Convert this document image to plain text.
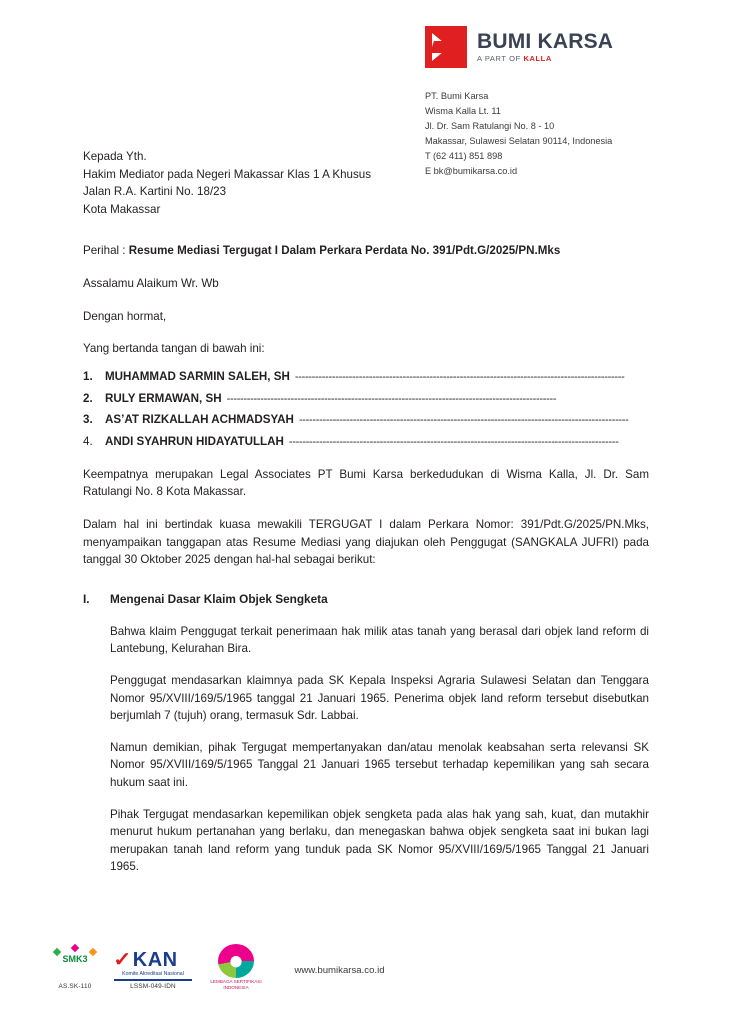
BUMI KARSA
A PART OF KALLA
PT. Bumi Karsa
Wisma Kalla Lt. 11
Jl. Dr. Sam Ratulangi No. 8 - 10
Makassar, Sulawesi Selatan 90114, Indonesia
T (62 411) 851 898
E bk@bumikarsa.co.id
Kepada Yth.
Hakim Mediator pada Negeri Makassar Klas 1 A Khusus
Jalan R.A. Kartini No. 18/23
Kota Makassar
Perihal : Resume Mediasi Tergugat I Dalam Perkara Perdata No. 391/Pdt.G/2025/PN.Mks
Assalamu Alaikum Wr. Wb
Dengan hormat,
Yang bertanda tangan di bawah ini:
1.	MUHAMMAD SARMIN SALEH, SH --------------------------------------------------------------------------------------------------
2.	RULY ERMAWAN, SH --------------------------------------------------------------------------------------------------
3.	AS’AT RIZKALLAH ACHMADSYAH --------------------------------------------------------------------------------------------------
4.	ANDI SYAHRUN HIDAYATULLAH --------------------------------------------------------------------------------------------------
Keempatnya merupakan Legal Associates PT Bumi Karsa berkedudukan di Wisma Kalla, Jl. Dr. Sam Ratulangi No. 8 Kota Makassar.
Dalam hal ini bertindak kuasa mewakili TERGUGAT I dalam Perkara Nomor: 391/Pdt.G/2025/PN.Mks, menyampaikan tanggapan atas Resume Mediasi yang diajukan oleh Penggugat (SANGKALA JUFRI) pada tanggal 30 Oktober 2025 dengan hal-hal sebagai berikut:
I.	Mengenai Dasar Klaim Objek Sengketa
Bahwa klaim Penggugat terkait penerimaan hak milik atas tanah yang berasal dari objek land reform di Lantebung, Kelurahan Bira.
Penggugat mendasarkan klaimnya pada SK Kepala Inspeksi Agraria Sulawesi Selatan dan Tenggara Nomor 95/XVIII/169/5/1965 tanggal 21 Januari 1965. Penerima objek land reform tersebut disebutkan berjumlah 7 (tujuh) orang, termasuk Sdr. Labbai.
Namun demikian, pihak Tergugat mempertanyakan dan/atau menolak keabsahan serta relevansi SK Nomor 95/XVIII/169/5/1965 Tanggal 21 Januari 1965 tersebut terhadap kepemilikan yang sah secara hukum saat ini.
Pihak Tergugat mendasarkan kepemilikan objek sengketa pada alas hak yang sah, kuat, dan mutakhir menurut hukum pertanahan yang berlaku, dan menegaskan bahwa objek sengketa saat ini bukan lagi merupakan tanah land reform yang tunduk pada SK Nomor 95/XVIII/169/5/1965 Tanggal 21 Januari 1965.
SMK3
AS.SK-110
✓ KAN
Komite Akreditasi Nasional
LSSM-049-IDN
LEMBAGA SERTIFIKASI INDONESIA
www.bumikarsa.co.id
